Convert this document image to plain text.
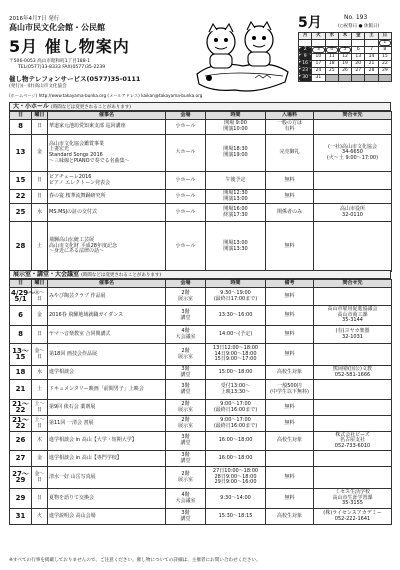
2016年4月7日 発行
高山市民文化会館・公民館
5月 催し物案内
〒506-0053 高山市昭和町1丁目188-1
TEL(0577)33-8333 FAX(0577)35-2239
催し物テレフォンサービス(0577)35-0111
(発行)(一財)高山市文化協会
(ホームページ) http://www.takayama-bunka.org (メールアドレス) kaikan@takayama-bunka.org
5月	No. 193
(○祝祭日 ● 休館日)
月	火	水	木	金	土	日
						1
2	3	4	5	6	7	8
9	10	11	12	13	14	15
16	17	18	19	20	21	22
23	24	25	26	27	28	29
30	31					
大・小ホール (時間などは変更されることがあります)
日	曜日	催事名	会場	時間	入場料	問合せ先
8	日	華道家元池坊愛知東支部 巡回講座	小ホール	開場 9:00
開演10:00	一般の方は
有料	
13	金	高山市文化協会鑑賞事業
上妻宏光
Standard Songs 2016
〜三味線とPIANOで奏でる名曲集〜	大ホール	開場18:30
開演19:00	完売御礼	(一社)高山市文化協会
34-6650
(火〜土 9:00〜17:00)
15	日	ピアチェーレ2016
ピアノ エレクトーン発表会	小ホール	午後予定	無料	
22	日	春の宴 桜華流舞踊研究所	小ホール	開場12:30
開演13:00	無料	
25	水	MS.MSJの証の交付式	小ホール	開場16:00
終演17:30	関係者のみ	高山市役所
32-0110
28	土	飛騨高山伝統工芸展
高山市文化財 平成28年度記念
〜身近にある法律の話〜	小ホール	開場13:00
開演13:30	無料	
展示室・講堂・大会議室 (時間などは変更されることがあります)
日	曜日	催事名	会場	時間	備考	問合せ先
4/29〜
5/1	㊎〜日	みやび陶芸クラブ 作品展	2階
展示室	9:30〜19:00
(最終日17:00まで)	無料	
6	金	2016春 飛騨地域就職ガイダンス	3階
講堂	13:30〜16:00	無料	高山市雇用促進協議会
高山市商工課
35-3144
8	日	ヤマハ音楽教室 合同関講式	4階
大会議室	14:00〜(予定)	無料	(有)ヨヤカ楽器
32-1031
13〜15	金〜日	第18回 画技会作品展	2階
展示室	13日12:00〜18:00
14日9:00〜18:00
15日9:00〜17:00	無料	
18	水	進学相談会	3階
講堂	15:00〜18:00	高校生対象	熊岡塾(国公)文教
052-581-1666
21	土	ドキュメンタリー映画「前間男子」上映会	3階
講堂	受付13:00〜
上映13:30〜	一般500円
(中学生以下無料)	
21〜22	土〜日	第9回 俵石会 薬剤展	2階
展示室	9:00〜17:00
(最終日16:00まで)	無料	
21〜22	土〜日	第11回 一清会 書展	2階
展示室	9:00〜17:00
(最終日16:00まで)	無料	
26	木	進学相談会 in 高山【大学・短期大学】	3階
講堂	16:00〜18:00	高校生対象	株式会社ビーズ
名古屋支社
052-733-6010
27	金	進学相談会 in 高山【専門学校】	3階
講堂	16:00〜18:00		
27〜29	金〜日	清水一好 山岳写真展	2階
展示室	27日10:00〜18:00
28日9:00〜18:00
29日9:00〜16:00	無料	
29	日	夏物を語りて交換会	4階
大会議室	9:30〜14:00	無料	ミセス生活学校
高山市生涯学習課
35-3155
31	火	進学説明会 高山会場	3階
講堂	15:30〜18:15	高校生対象	(株)ライセンスアカデミー
052-222-1641
※すべての行事を掲載しておりませんので、ご注意ください。催し物についての詳細は、主催者にお問い合わせください。
